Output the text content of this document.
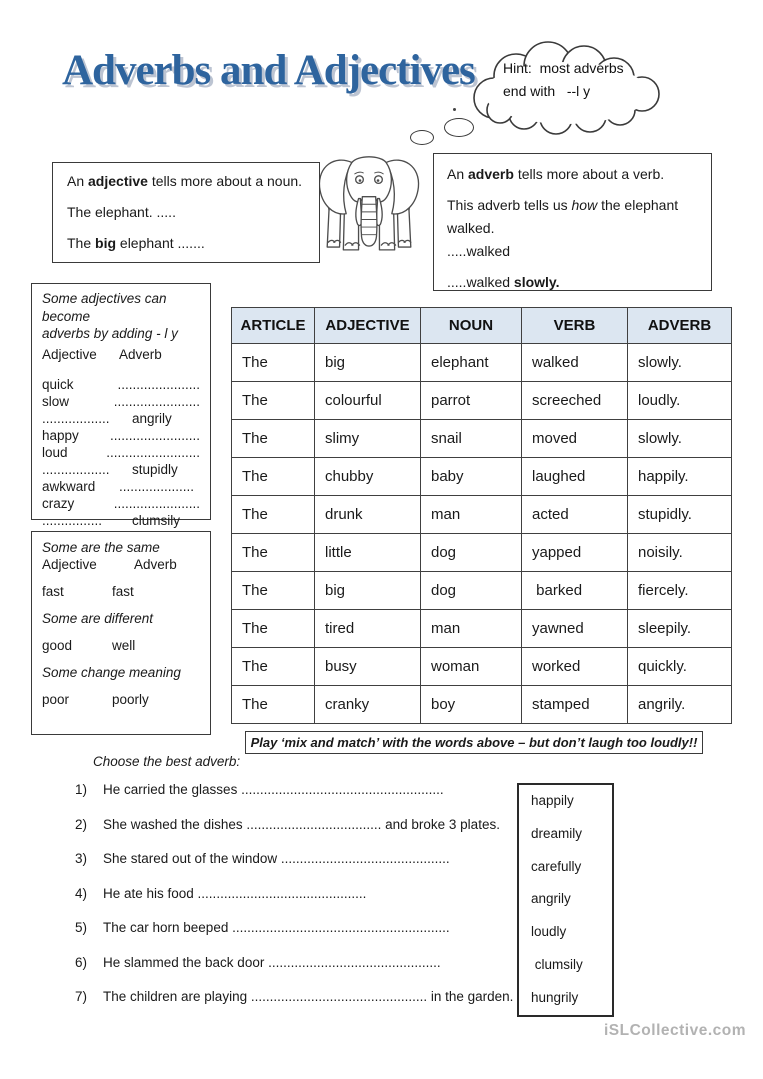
Adverbs and Adjectives Hint:  most adverbs
end with   --l y

An adjective tells more about a noun.

The elephant. .....

The big elephant .......

An adverb tells more about a verb.

This adverb tells us how the elephant walked.

.....walked

.....walked slowly.

Some adjectives can become
adverbs by adding - l y
Adjective	Adverb
quick	......................
slow	.......................
..................	angrily
happy	........................
loud	.........................
..................	stupidly
awkward	....................
crazy	.......................
................	clumsily

Some are the same

Adjective	Adverb
fast	fast

Some are different

good	well

Some change meaning

poor	poorly
ARTICLE	ADJECTIVE	NOUN	VERB	ADVERB
The	big	elephant	walked	slowly.
The	colourful	parrot	screeched	loudly.
The	slimy	snail	moved	slowly.
The	chubby	baby	laughed	happily.
The	drunk	man	acted	stupidly.
The	little	dog	yapped	noisily.
The	big	dog	barked	fiercely.
The	tired	man	yawned	sleepily.
The	busy	woman	worked	quickly.
The	cranky	boy	stamped	angrily.
Play ‘mix and match’ with the words above – but don’t laugh too loudly!!
Choose the best adverb:
1)	He carried the glasses ......................................................
2)	She washed the dishes .................................... and broke 3 plates.
3)	She stared out of the window .............................................
4)	He ate his food .............................................
5)	The car horn beeped ..........................................................
6)	He slammed the back door ..............................................
7)	The children are playing ............................................... in the garden.
happily
dreamily
carefully
angrily
loudly
clumsily
hungrily
iSLCollective.com
